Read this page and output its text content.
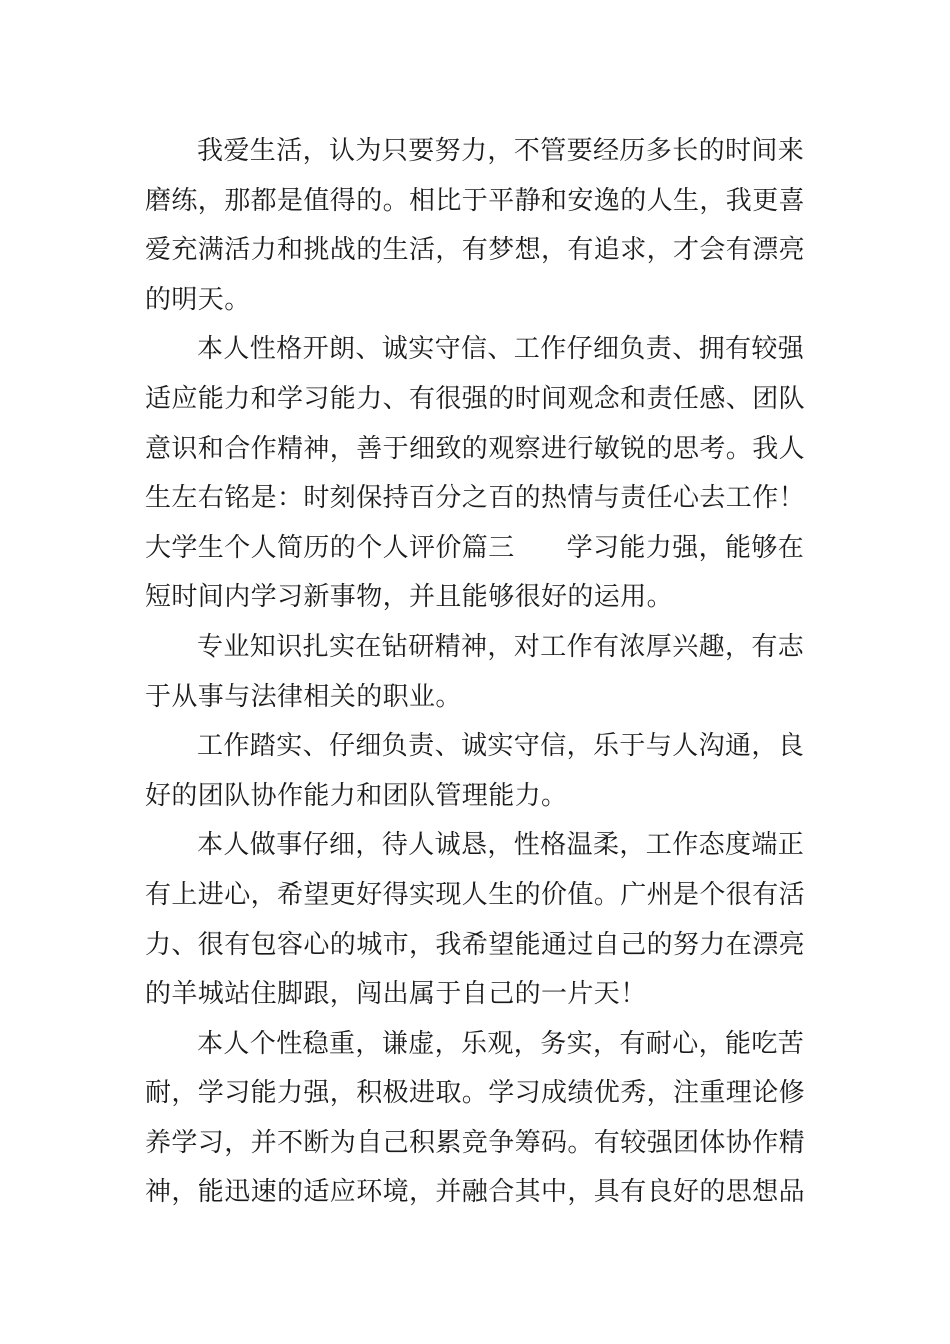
我爱生活，认为只要努力，不管要经历多长的时间来
磨练，那都是值得的。相比于平静和安逸的人生，我更喜
爱充满活力和挑战的生活，有梦想，有追求，才会有漂亮
的明天。
本人性格开朗、诚实守信、工作仔细负责、拥有较强
适应能力和学习能力、有很强的时间观念和责任感、团队
意识和合作精神，善于细致的观察进行敏锐的思考。我人
生左右铭是：时刻保持百分之百的热情与责任心去工作！
大学生个人简历的个人评价篇三 学习能力强，能够在
短时间内学习新事物，并且能够很好的运用。
专业知识扎实在钻研精神，对工作有浓厚兴趣，有志
于从事与法律相关的职业。
工作踏实、仔细负责、诚实守信，乐于与人沟通，良
好的团队协作能力和团队管理能力。
本人做事仔细，待人诚恳，性格温柔，工作态度端正
有上进心，希望更好得实现人生的价值。广州是个很有活
力、很有包容心的城市，我希望能通过自己的努力在漂亮
的羊城站住脚跟，闯出属于自己的一片天！
本人个性稳重，谦虚，乐观，务实，有耐心，能吃苦
耐，学习能力强，积极进取。学习成绩优秀，注重理论修
养学习，并不断为自己积累竞争筹码。有较强团体协作精
神，能迅速的适应环境，并融合其中，具有良好的思想品
